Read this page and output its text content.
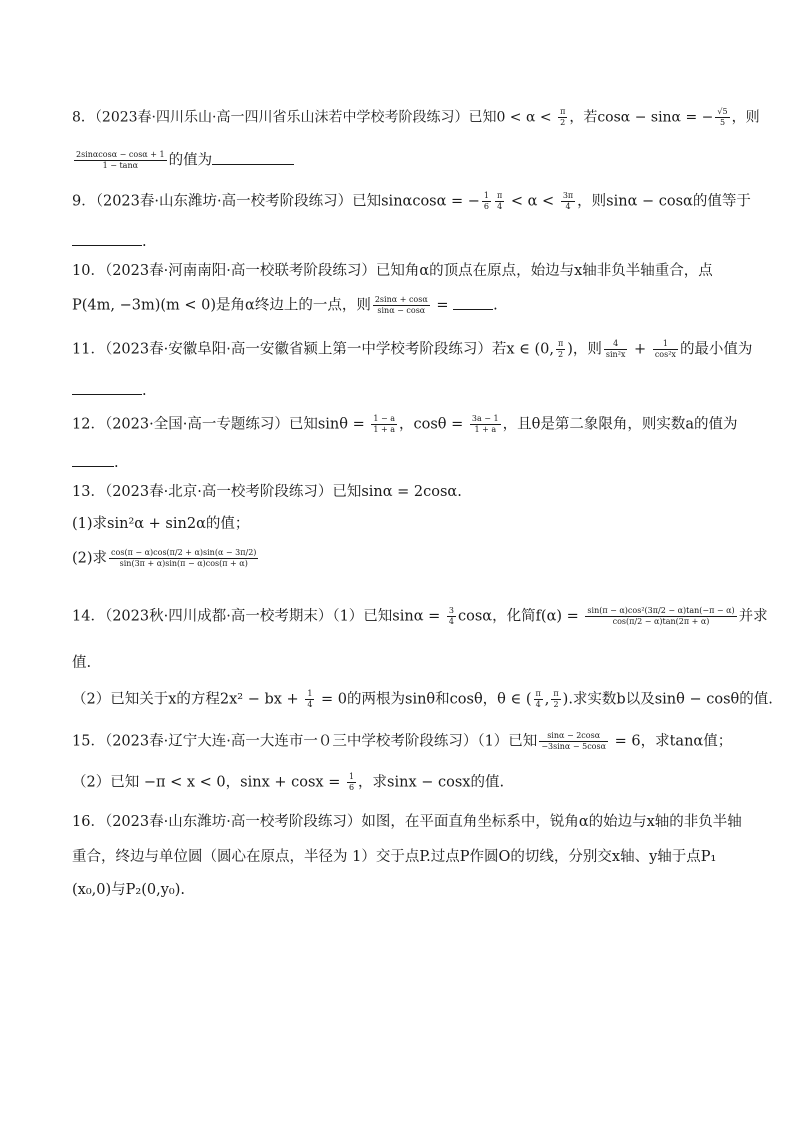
8．（2023春·四川乐山·高一四川省乐山沫若中学校考阶段练习）已知$0 < \alpha < \frac{\pi}{2}$ ，若cosα − sinα = − $\frac{√5}{5}$ ，则
$\frac{2\sin\alpha\cos\alpha - \cos\alpha + 1}{1 - \tan\alpha}$ 的值为
9．（2023春·山东潍坊·高一校考阶段练习）已知sinαcosα = − $\frac{1}{6} \frac{\pi}{4} < \alpha < \frac{3\pi}{4}$ ，则sinα − cosα的值等于
.
10．（2023春·河南南阳·高一校联考阶段练习）已知角α的顶点在原点，始边与x轴非负半轴重合，点
P(4m, −3m)(m < 0)是角α终边上的一点，则 $\frac{2\sin\alpha + \cos\alpha}{\sin\alpha - \cos\alpha}$ =	.
11．（2023春·安徽阜阳·高一安徽省颍上第一中学校考阶段练习）若x ∈ (0, $\frac{\pi}{2}$ )，则 $\frac{4}{\text{sin²x}} + \frac{1}{\text{cos²x}}$ 的最小值为
.
12．（2023·全国·高一专题练习）已知$\sin\theta = \frac{1 - a}{1 + a}$ ，$\cos\theta = \frac{3a - 1}{1 + a}$ ，且θ是第二象限角，则实数a的值为
.
13．（2023春·北京·高一校考阶段练习）已知sinα = 2cosα.
(1)求sin²α + sin2α的值；
(2)求 $\frac{\cos(\pi - \alpha)\cos(\pi/2 + \alpha)\sin(\alpha - 3\pi/2)}{\sin(3\pi + \alpha)\sin(\pi - \alpha)\cos(\pi + \alpha)}$
14．（2023秋·四川成都·高一校考期末）（1）已知$\sin\alpha = \frac{3}{4}$ cosα，化简$f(\alpha) = \frac{\text{sin(π − α)cos²(3π/2 − α)tan(−π − α)}}{\cos(\pi/2 - \alpha)\tan(2\pi + \alpha)}$ 并求
值.
（2）已知关于x的方程2x² − bx + $\frac{1}{4} = 0$的两根为sinθ和cosθ，θ ∈ ( $\frac{\pi}{4}$ , $\frac{\pi}{2}$ ).求实数b以及sinθ − cosθ的值.
15．（2023春·辽宁大连·高一大连市一０三中学校考阶段练习）（1）已知 $\frac{\sin\alpha - 2\cos\alpha}{-3\sin\alpha - 5\cos\alpha} = 6$，求tanα值；
（2）已知 −π < x < 0，$\sin x + \cos x = \frac{1}{6}$ ，求sinx − cosx的值.
16．（2023春·山东潍坊·高一校考阶段练习）如图，在平面直角坐标系中，锐角α的始边与x轴的非负半轴
重合，终边与单位圆（圆心在原点，半径为 1）交于点P.过点P作圆O的切线，分别交x轴、y轴于点P₁
(x₀,0)与P₂(0,y₀).
